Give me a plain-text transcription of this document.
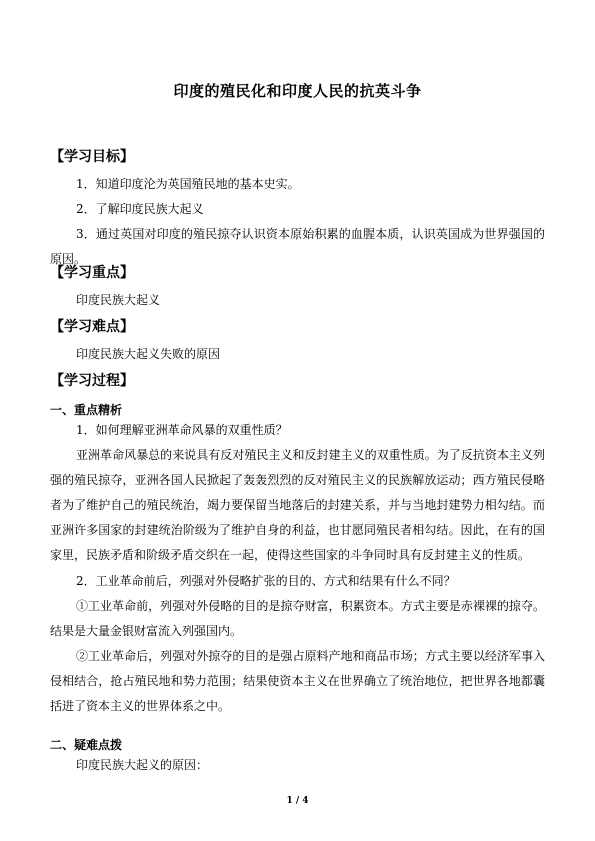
印度的殖民化和印度人民的抗英斗争
【学习目标】

1．知道印度沦为英国殖民地的基本史实。

2．了解印度民族大起义

3．通过英国对印度的殖民掠夺认识资本原始积累的血腥本质，认识英国成为世界强国的原因。

【学习重点】

印度民族大起义

【学习难点】

印度民族大起义失败的原因

【学习过程】
一、重点精析

1．如何理解亚洲革命风暴的双重性质？

亚洲革命风暴总的来说具有反对殖民主义和反封建主义的双重性质。为了反抗资本主义列强的殖民掠夺，亚洲各国人民掀起了轰轰烈烈的反对殖民主义的民族解放运动；西方殖民侵略者为了维护自己的殖民统治，竭力要保留当地落后的封建关系，并与当地封建势力相勾结。而亚洲许多国家的封建统治阶级为了维护自身的利益，也甘愿同殖民者相勾结。因此，在有的国家里，民族矛盾和阶级矛盾交织在一起，使得这些国家的斗争同时具有反封建主义的性质。

2．工业革命前后，列强对外侵略扩张的目的、方式和结果有什么不同？

①工业革命前，列强对外侵略的目的是掠夺财富，积累资本。方式主要是赤裸裸的掠夺。结果是大量金银财富流入列强国内。

②工业革命后，列强对外掠夺的目的是强占原料产地和商品市场；方式主要以经济军事入侵相结合，抢占殖民地和势力范围；结果使资本主义在世界确立了统治地位，把世界各地都囊括进了资本主义的世界体系之中。

二、疑难点拨

印度民族大起义的原因：

1 / 4
